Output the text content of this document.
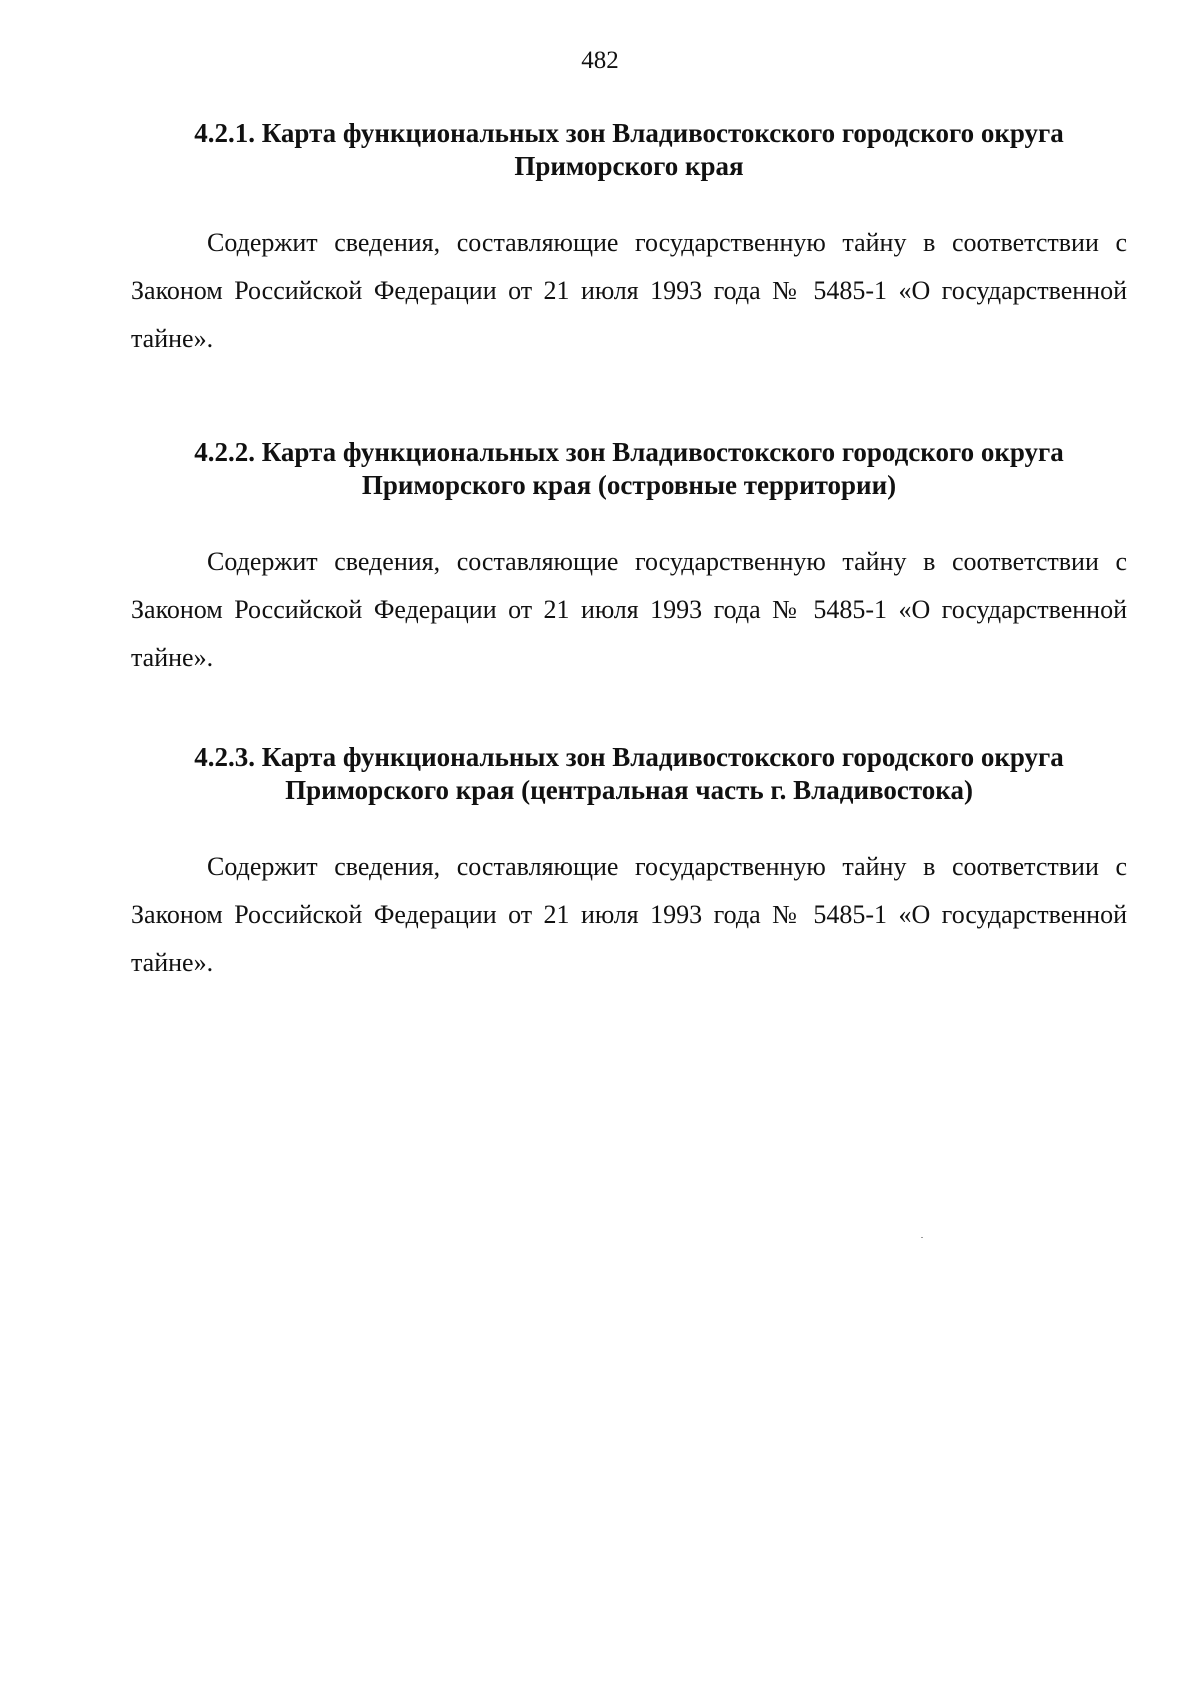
482
4.2.1. Карта функциональных зон Владивостокского городского округа
Приморского края

Содержит сведения, составляющие государственную тайну в соответствии с Законом Российской Федерации от 21 июля 1993 года № 5485-1 «О государственной тайне».

4.2.2. Карта функциональных зон Владивостокского городского округа
Приморского края (островные территории)

Содержит сведения, составляющие государственную тайну в соответствии с Законом Российской Федерации от 21 июля 1993 года № 5485-1 «О государственной тайне».

4.2.3. Карта функциональных зон Владивостокского городского округа
Приморского края (центральная часть г. Владивостока)

Содержит сведения, составляющие государственную тайну в соответствии с Законом Российской Федерации от 21 июля 1993 года № 5485-1 «О государственной тайне».
